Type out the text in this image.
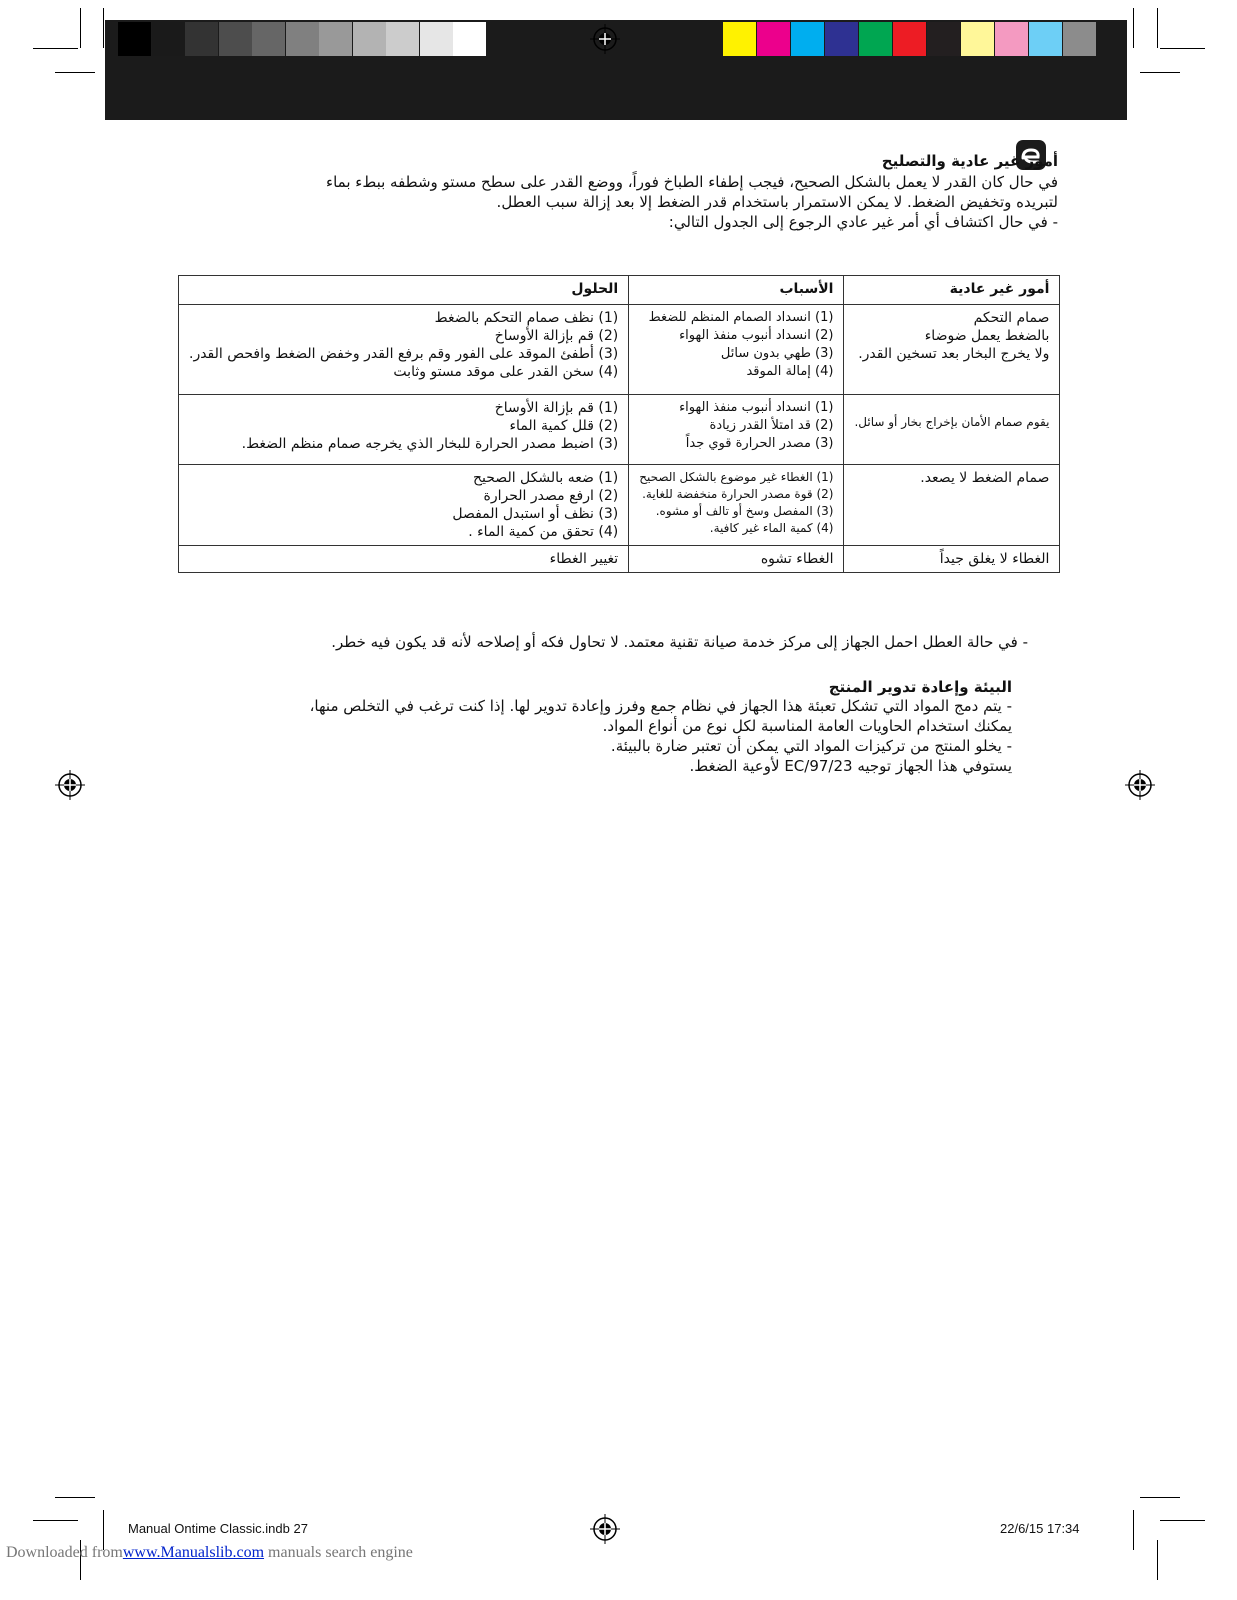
أمور غير عادية والتصليح
في حال كان القدر لا يعمل بالشكل الصحيح، فيجب إطفاء الطباخ فوراً، ووضع القدر على سطح مستو وشطفه ببطء بماء
لتبريده وتخفيض الضغط. لا يمكن الاستمرار باستخدام قدر الضغط إلا بعد إزالة سبب العطل.
- في حال اكتشاف أي أمر غير عادي الرجوع إلى الجدول التالي:
أمور غير عادية	الأسباب	الحلول

صمام التحكم
بالضغط يعمل ضوضاء
ولا يخرج البخار بعد تسخين القدر.	(1) انسداد الصمام المنظم للضغط
(2) انسداد أنبوب منفذ الهواء
(3) طهي بدون سائل
(4) إمالة الموقد	(1) نظف صمام التحكم بالضغط
(2) قم بإزالة الأوساخ
(3) أطفئ الموقد على الفور وقم برفع القدر وخفض الضغط وافحص القدر.
(4) سخن القدر على موقد مستو وثابت

يقوم صمام الأمان بإخراج بخار أو سائل.	(1) انسداد أنبوب منفذ الهواء
(2) قد امتلأ القدر زيادة
(3) مصدر الحرارة قوي جداً	(1) قم بإزالة الأوساخ
(2) قلل كمية الماء
(3) اضبط مصدر الحرارة للبخار الذي يخرجه صمام منظم الضغط.

صمام الضغط لا يصعد.	(1) الغطاء غير موضوع بالشكل الصحيح
(2) قوة مصدر الحرارة منخفضة للغاية.
(3) المفصل وسخ أو تالف أو مشوه.
(4) كمية الماء غير كافية.	(1) ضعه بالشكل الصحيح
(2) ارفع مصدر الحرارة
(3) نظف أو استبدل المفصل
(4) تحقق من كمية الماء .

الغطاء لا يغلق جيداً	الغطاء تشوه	تغيير الغطاء
- في حالة العطل احمل الجهاز إلى مركز خدمة صيانة تقنية معتمد. لا تحاول فكه أو إصلاحه لأنه قد يكون فيه خطر.
البيئة وإعادة تدوير المنتج
- يتم دمج المواد التي تشكل تعبئة هذا الجهاز في نظام جمع وفرز وإعادة تدوير لها. إذا كنت ترغب في التخلص منها،
يمكنك استخدام الحاويات العامة المناسبة لكل نوع من أنواع المواد.
- يخلو المنتج من تركيزات المواد التي يمكن أن تعتبر ضارة بالبيئة.
يستوفي هذا الجهاز توجيه EC/97/23 لأوعية الضغط.
Manual Ontime Classic.indb 27	22/6/15 17:34
Downloaded fromwww.Manualslib.com manuals search engine
